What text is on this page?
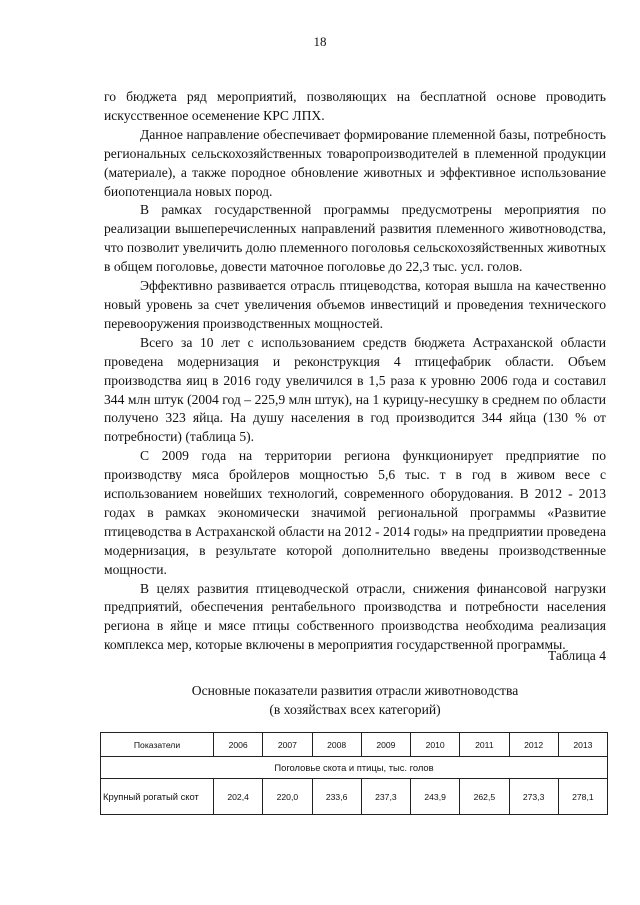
18

го бюджета ряд мероприятий, позволяющих на бесплатной основе проводить искусственное осеменение КРС ЛПХ.

Данное направление обеспечивает формирование племенной базы, потребность региональных сельскохозяйственных товаропроизводителей в племенной продукции (материале), а также породное обновление животных и эффективное использование биопотенциала новых пород.

В рамках государственной программы предусмотрены мероприятия по реализации вышеперечисленных направлений развития племенного животноводства, что позволит увеличить долю племенного поголовья сельскохозяйственных животных в общем поголовье, довести маточное поголовье до 22,3 тыс. усл. голов.

Эффективно развивается отрасль птицеводства, которая вышла на качественно новый уровень за счет увеличения объемов инвестиций и проведения технического перевооружения производственных мощностей.

Всего за 10 лет с использованием средств бюджета Астраханской области проведена модернизация и реконструкция 4 птицефабрик области. Объем производства яиц в 2016 году увеличился в 1,5 раза к уровню 2006 года и составил 344 млн штук (2004 год – 225,9 млн штук), на 1 курицу-несушку в среднем по области получено 323 яйца. На душу населения в год производится 344 яйца (130 % от потребности) (таблица 5).

С 2009 года на территории региона функционирует предприятие по производству мяса бройлеров мощностью 5,6 тыс. т в год в живом весе с использованием новейших технологий, современного оборудования. В 2012 - 2013 годах в рамках экономически значимой региональной программы «Развитие птицеводства в Астраханской области на 2012 - 2014 годы» на предприятии проведена модернизация, в результате которой дополнительно введены производственные мощности.

В целях развития птицеводческой отрасли, снижения финансовой нагрузки предприятий, обеспечения рентабельного производства и потребности населения региона в яйце и мясе птицы собственного производства необходима реализация комплекса мер, которые включены в мероприятия государственной программы.

Таблица 4
Основные показатели развития отрасли животноводства
(в хозяйствах всех категорий)
Показатели	2006	2007	2008	2009	2010	2011	2012	2013
Поголовье скота и птицы, тыс. голов								
Крупный рогатый скот	202,4	220,0	233,6	237,3	243,9	262,5	273,3	278,1
